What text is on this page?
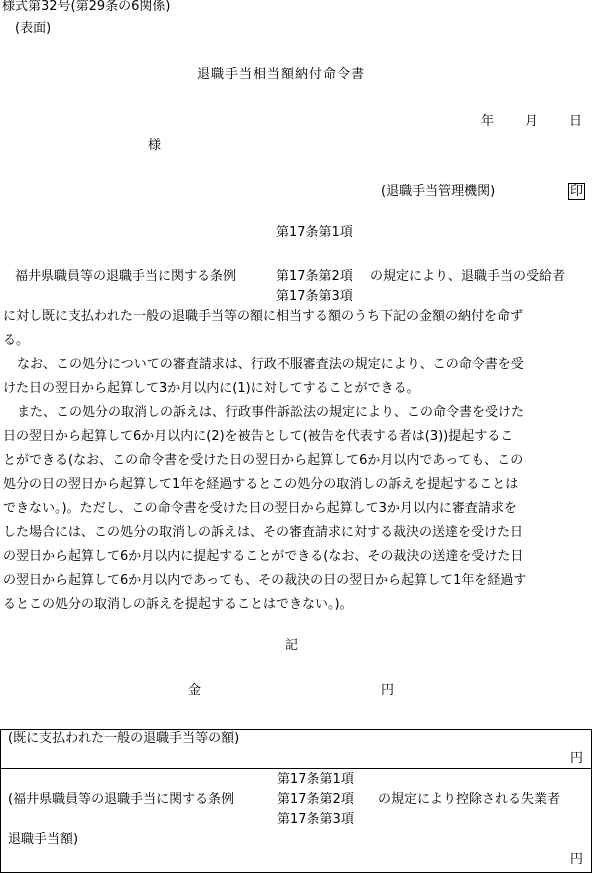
様式第32号(第29条の6関係)
(表面)
退職手当相当額納付命令書
年 月 日
様
(退職手当管理機関)	印
第17条第1項
福井県職員等の退職手当に関する条例	第17条第2項 の規定により、退職手当の受給者
第17条第3項
に対し既に支払われた一般の退職手当等の額に相当する額のうち下記の金額の納付を命ず
る。
なお、この処分についての審査請求は、行政不服審査法の規定により、この命令書を受
けた日の翌日から起算して3か月以内に(1)に対してすることができる。
また、この処分の取消しの訴えは、行政事件訴訟法の規定により、この命令書を受けた
日の翌日から起算して6か月以内に(2)を被告として(被告を代表する者は(3))提起するこ
とができる(なお、この命令書を受けた日の翌日から起算して6か月以内であっても、この
処分の日の翌日から起算して1年を経過するとこの処分の取消しの訴えを提起することは
できない。)。ただし、この命令書を受けた日の翌日から起算して3か月以内に審査請求を
した場合には、この処分の取消しの訴えは、その審査請求に対する裁決の送達を受けた日
の翌日から起算して6か月以内に提起することができる(なお、その裁決の送達を受けた日
の翌日から起算して6か月以内であっても、その裁決の日の翌日から起算して1年を経過す
るとこの処分の取消しの訴えを提起することはできない。)。
記
金	円
(既に支払われた一般の退職手当等の額)
円
第17条第1項
(福井県職員等の退職手当に関する条例	第17条第2項 の規定により控除される失業者
第17条第3項
退職手当額)
円
